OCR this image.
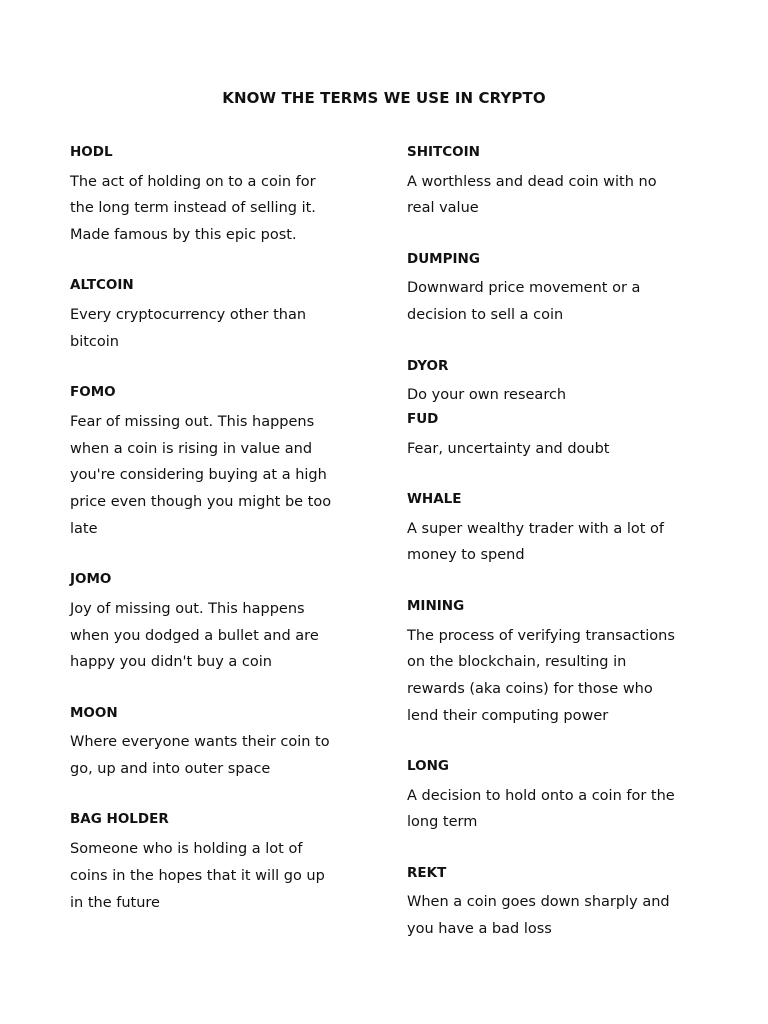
KNOW THE TERMS WE USE IN CRYPTO
HODL
The act of holding on to a coin for
the long term instead of selling it.
Made famous by this epic post.
ALTCOIN
Every cryptocurrency other than
bitcoin
FOMO
Fear of missing out. This happens
when a coin is rising in value and
you're considering buying at a high
price even though you might be too
late
JOMO
Joy of missing out. This happens
when you dodged a bullet and are
happy you didn't buy a coin
MOON
Where everyone wants their coin to
go, up and into outer space
BAG HOLDER
Someone who is holding a lot of
coins in the hopes that it will go up
in the future
SHITCOIN
A worthless and dead coin with no
real value
DUMPING
Downward price movement or a
decision to sell a coin
DYOR
Do your own research
FUD
Fear, uncertainty and doubt
WHALE
A super wealthy trader with a lot of
money to spend
MINING
The process of verifying transactions
on the blockchain, resulting in
rewards (aka coins) for those who
lend their computing power
LONG
A decision to hold onto a coin for the
long term
REKT
When a coin goes down sharply and
you have a bad loss
